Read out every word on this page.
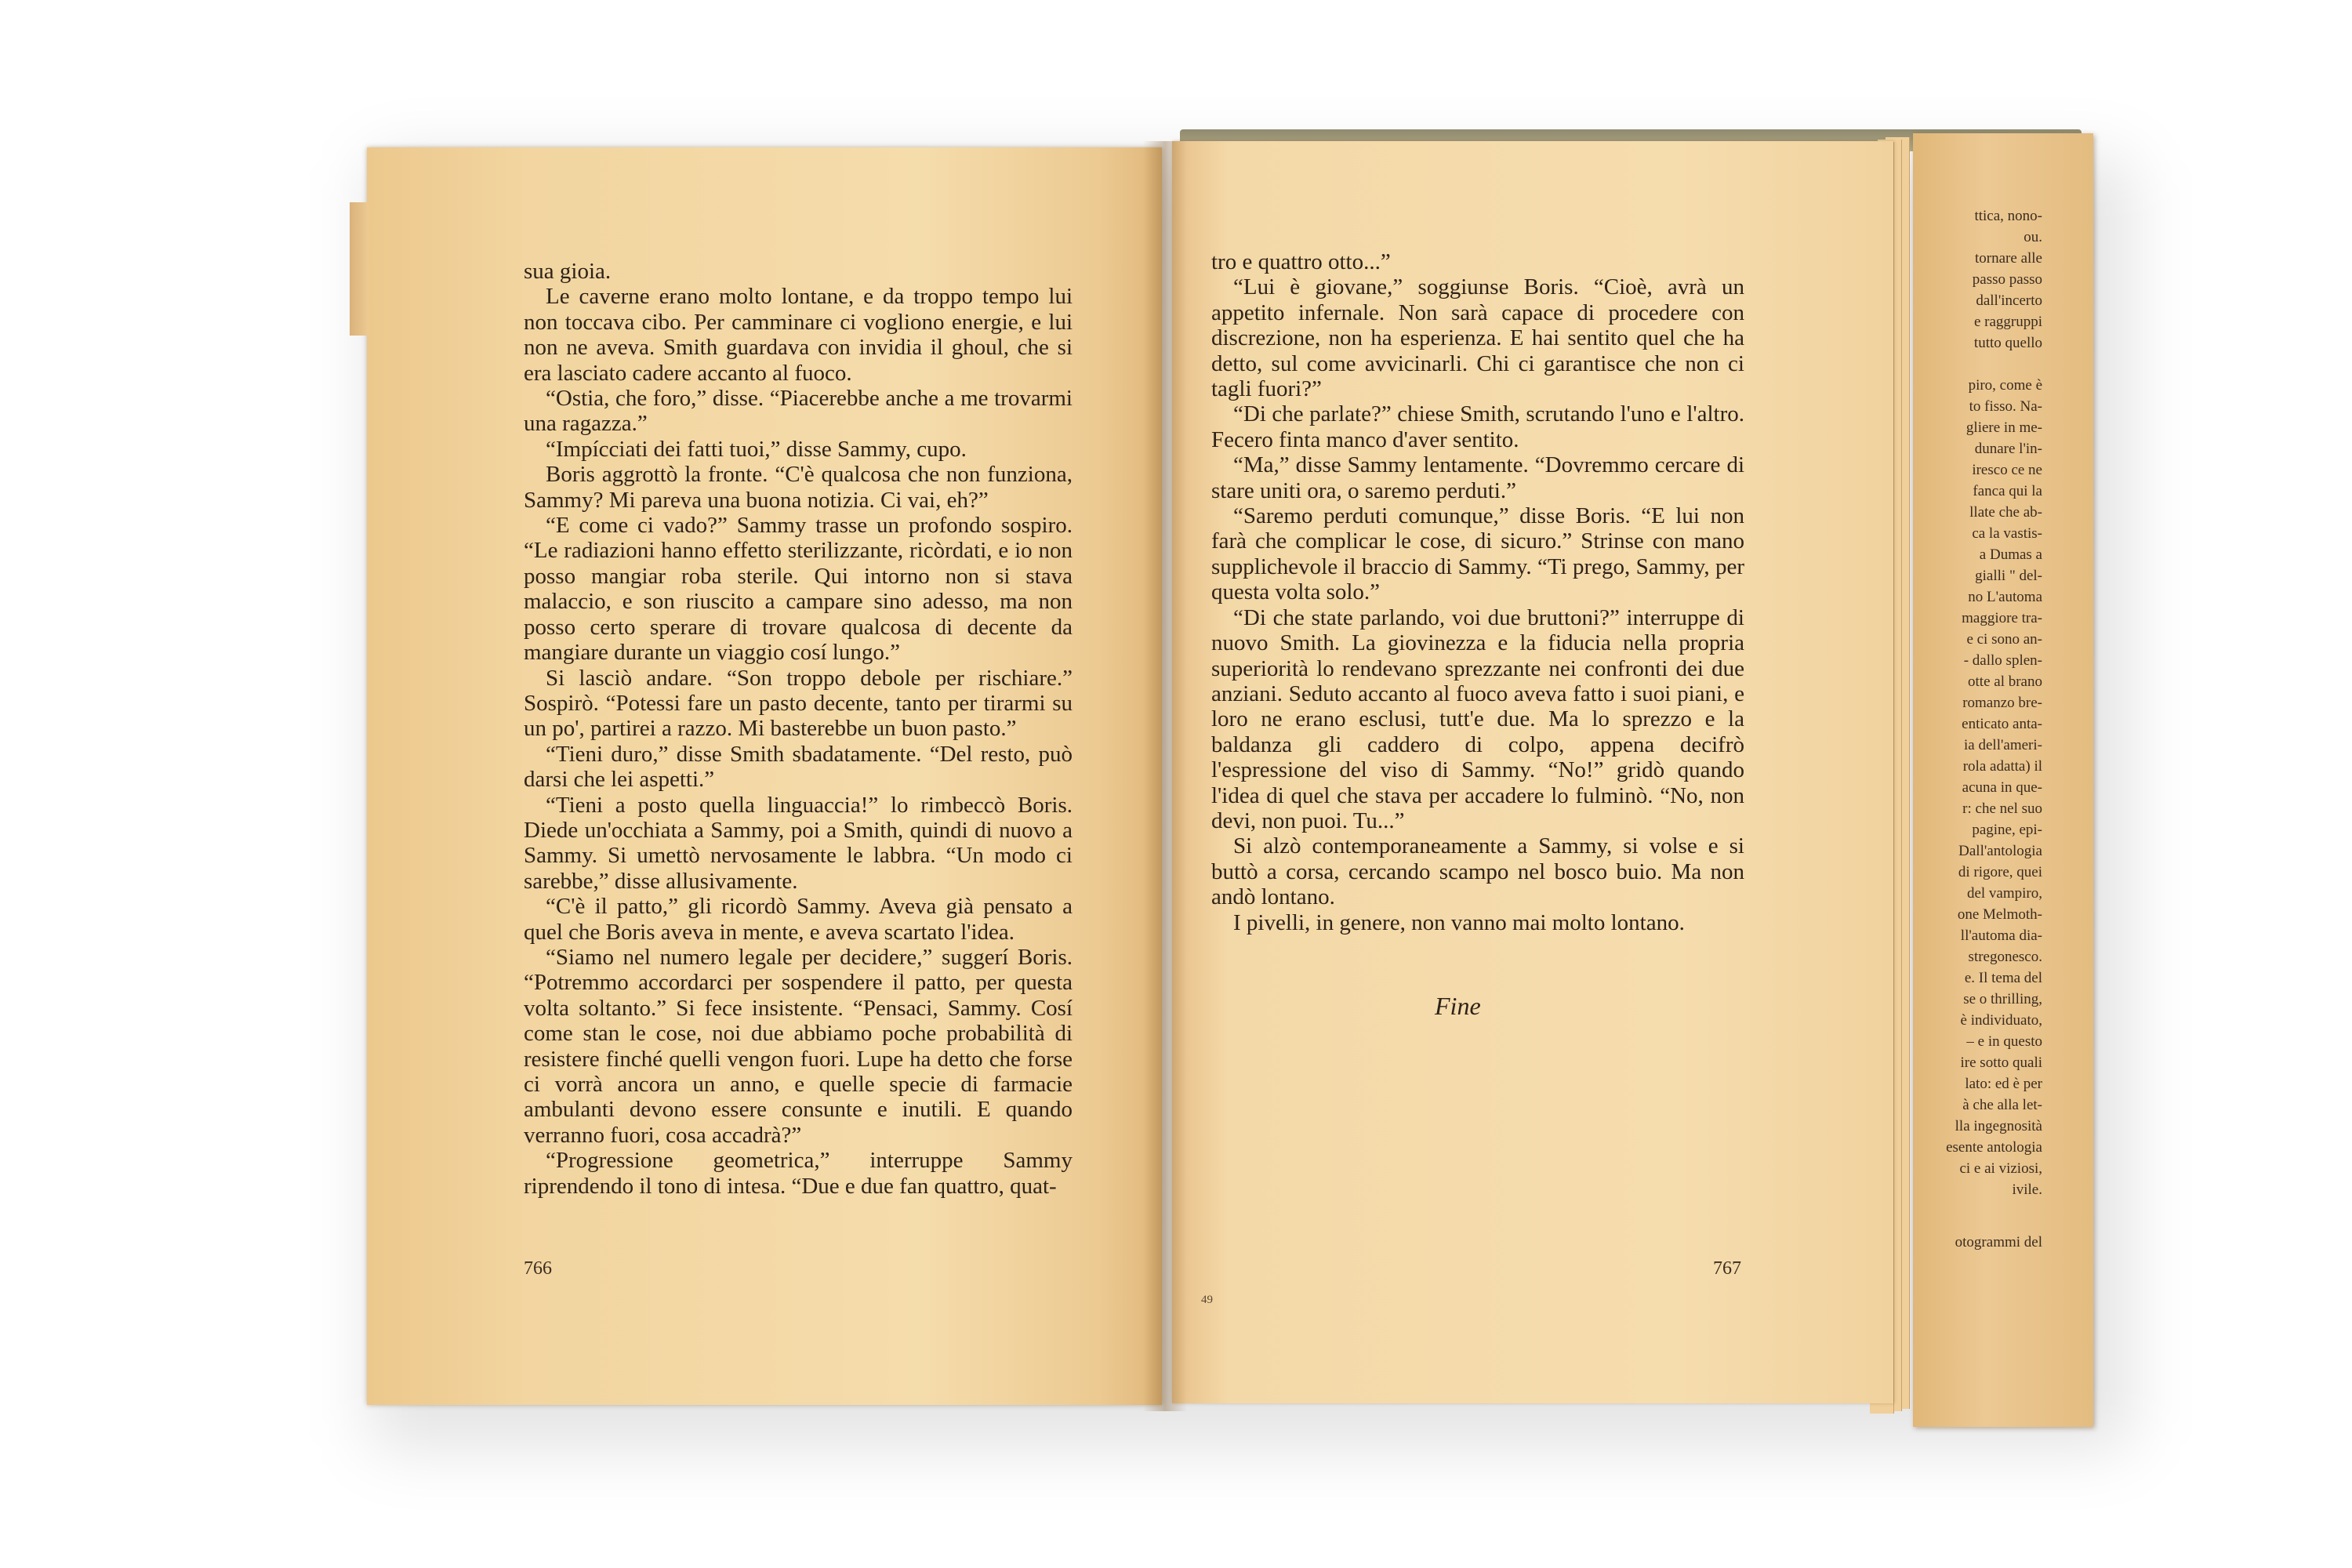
ttica, nono-
ou.
tornare alle
passo passo
dall'incerto
e raggruppi
tutto quello

piro, come è
to fisso. Na-
gliere in me-
dunare l'in-
iresco ce ne
fanca qui la
llate che ab-
ca la vastis-
a Dumas a
gialli " del-
no L'automa
maggiore tra-
e ci sono an-
- dallo splen-
otte al brano
romanzo bre-
enticato anta-
ia dell'ameri-
rola adatta) il
acuna in que-
r: che nel suo
pagine, epi-
Dall'antologia
di rigore, quei
del vampiro,
one Melmoth-
ll'automa dia-
stregonesco.
e. Il tema del
se o thrilling,
è individuato,
– e in questo
ire sotto quali
lato: ed è per
à che alla let-
lla ingegnosità
esente antologia
ci e ai viziosi,
ivile.
otogrammi del

sua gioia.

Le caverne erano molto lontane, e da troppo tempo lui non toccava cibo. Per camminare ci vogliono energie, e lui non ne aveva. Smith guardava con invidia il ghoul, che si era lasciato cadere accanto al fuoco.

“Ostia, che foro,” disse. “Piacerebbe anche a me trovarmi una ragazza.”

“Impícciati dei fatti tuoi,” disse Sammy, cupo.

Boris aggrottò la fronte. “C'è qualcosa che non funziona, Sammy? Mi pareva una buona notizia. Ci vai, eh?”

“E come ci vado?” Sammy trasse un profondo sospiro. “Le radiazioni hanno effetto sterilizzante, ricòrdati, e io non posso mangiar roba sterile. Qui intorno non si stava malaccio, e son riuscito a campare sino adesso, ma non posso certo sperare di trovare qualcosa di decente da mangiare durante un viaggio cosí lungo.”

Si lasciò andare. “Son troppo debole per rischiare.” Sospirò. “Potessi fare un pasto decente, tanto per tirarmi su un po', partirei a razzo. Mi basterebbe un buon pasto.”

“Tieni duro,” disse Smith sbadatamente. “Del resto, può darsi che lei aspetti.”

“Tieni a posto quella linguaccia!” lo rimbeccò Boris. Diede un'occhiata a Sammy, poi a Smith, quindi di nuovo a Sammy. Si umettò nervosamente le labbra. “Un modo ci sarebbe,” disse allusivamente.

“C'è il patto,” gli ricordò Sammy. Aveva già pensato a quel che Boris aveva in mente, e aveva scartato l'idea.

“Siamo nel numero legale per decidere,” suggerí Boris. “Potremmo accordarci per sospendere il patto, per questa volta soltanto.” Si fece insistente. “Pensaci, Sammy. Cosí come stan le cose, noi due abbiamo poche probabilità di resistere finché quelli vengon fuori. Lupe ha detto che forse ci vorrà ancora un anno, e quelle specie di farmacie ambulanti devono essere consunte e inutili. E quando verranno fuori, cosa accadrà?”

“Progressione geometrica,” interruppe Sammy riprendendo il tono di intesa. “Due e due fan quattro, quat-

766

tro e quattro otto...”

“Lui è giovane,” soggiunse Boris. “Cioè, avrà un appetito infernale. Non sarà capace di procedere con discrezione, non ha esperienza. E hai sentito quel che ha detto, sul come avvicinarli. Chi ci garantisce che non ci tagli fuori?”

“Di che parlate?” chiese Smith, scrutando l'uno e l'altro. Fecero finta manco d'aver sentito.

“Ma,” disse Sammy lentamente. “Dovremmo cercare di stare uniti ora, o saremo perduti.”

“Saremo perduti comunque,” disse Boris. “E lui non farà che complicar le cose, di sicuro.” Strinse con mano supplichevole il braccio di Sammy. “Ti prego, Sammy, per questa volta solo.”

“Di che state parlando, voi due bruttoni?” interruppe di nuovo Smith. La giovinezza e la fiducia nella propria superiorità lo rendevano sprezzante nei confronti dei due anziani. Seduto accanto al fuoco aveva fatto i suoi piani, e loro ne erano esclusi, tutt'e due. Ma lo sprezzo e la baldanza gli caddero di colpo, appena decifrò l'espressione del viso di Sammy. “No!” gridò quando l'idea di quel che stava per accadere lo fulminò. “No, non devi, non puoi. Tu...”

Si alzò contemporaneamente a Sammy, si volse e si buttò a corsa, cercando scampo nel bosco buio. Ma non andò lontano.

I pivelli, in genere, non vanno mai molto lontano.

Fine
49
767
